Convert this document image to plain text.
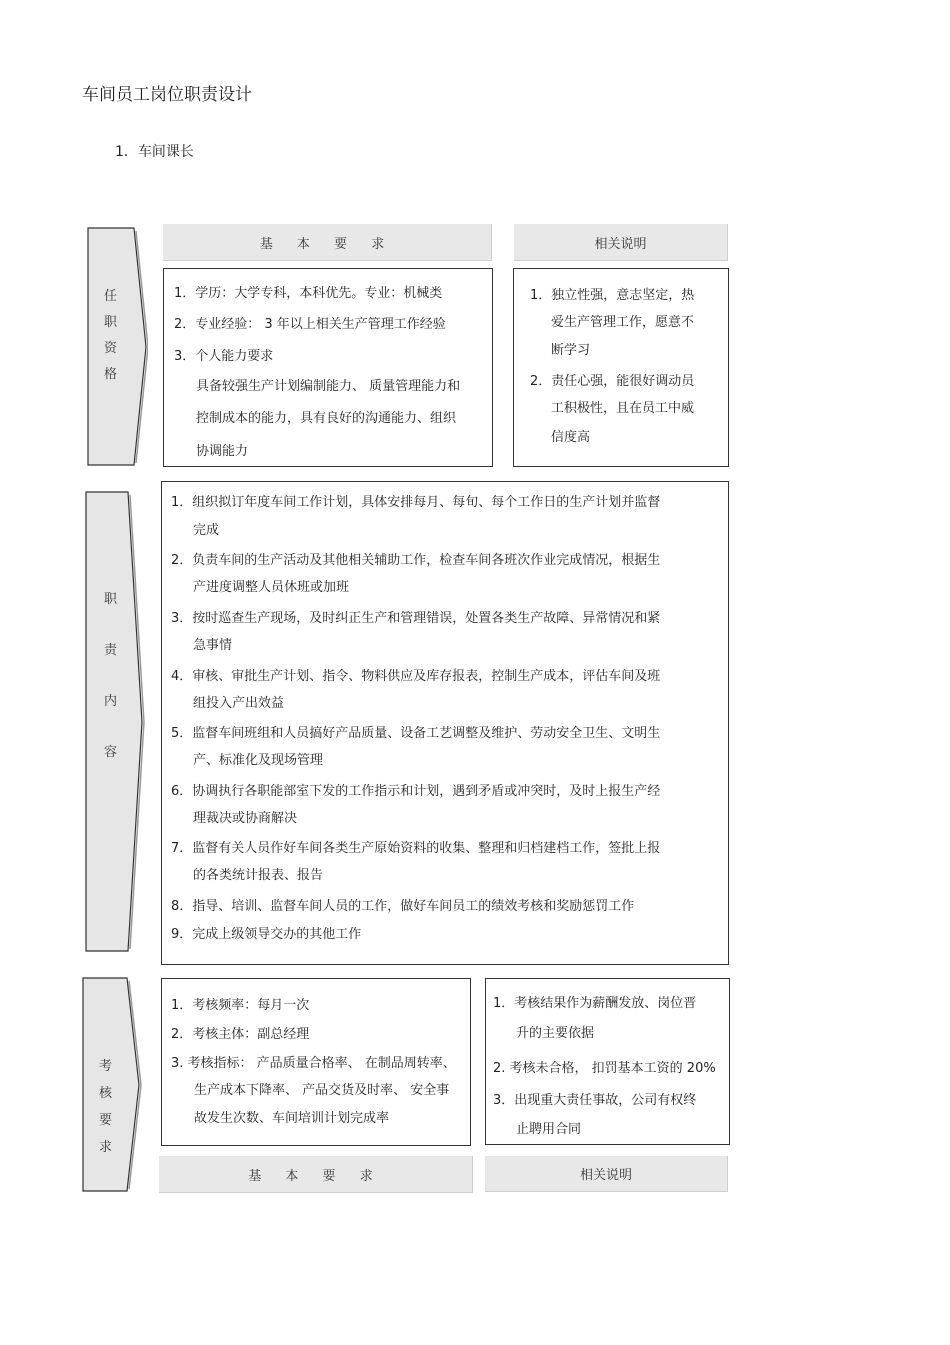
车间员工岗位职责设计
1．车间课长
任
职
资
格
基 本 要 求	相关说明
1．学历：大学专科，本科优先。专业：机械类
2．专业经验： 3 年以上相关生产管理工作经验
3．个人能力要求
具备较强生产计划编制能力、 质量管理能力和
控制成本的能力，具有良好的沟通能力、组织
协调能力
1．独立性强，意志坚定，热
爱生产管理工作，愿意不
断学习
2．责任心强，能很好调动员
工积极性，且在员工中威
信度高
职
责
内
容
1．组织拟订年度车间工作计划，具体安排每月、每旬、每个工作日的生产计划并监督
完成
2．负责车间的生产活动及其他相关辅助工作，检查车间各班次作业完成情况，根据生
产进度调整人员休班或加班
3．按时巡查生产现场，及时纠正生产和管理错误，处置各类生产故障、异常情况和紧
急事情
4．审核、审批生产计划、指令、物料供应及库存报表，控制生产成本，评估车间及班
组投入产出效益
5．监督车间班组和人员搞好产品质量、设备工艺调整及维护、劳动安全卫生、文明生
产、标准化及现场管理
6．协调执行各职能部室下发的工作指示和计划，遇到矛盾或冲突时，及时上报生产经
理裁决或协商解决
7．监督有关人员作好车间各类生产原始资料的收集、整理和归档建档工作，签批上报
的各类统计报表、报告
8．指导、培训、监督车间人员的工作，做好车间员工的绩效考核和奖励惩罚工作
9．完成上级领导交办的其他工作
考
核
要
求
1．考核频率：每月一次
2．考核主体：副总经理
3. 考核指标： 产品质量合格率、 在制品周转率、
生产成本下降率、 产品交货及时率、 安全事
故发生次数、车间培训计划完成率
1．考核结果作为薪酬发放、岗位晋
升的主要依据
2. 考核未合格， 扣罚基本工资的 20%
3．出现重大责任事故，公司有权终
止聘用合同
基 本 要 求	相关说明
